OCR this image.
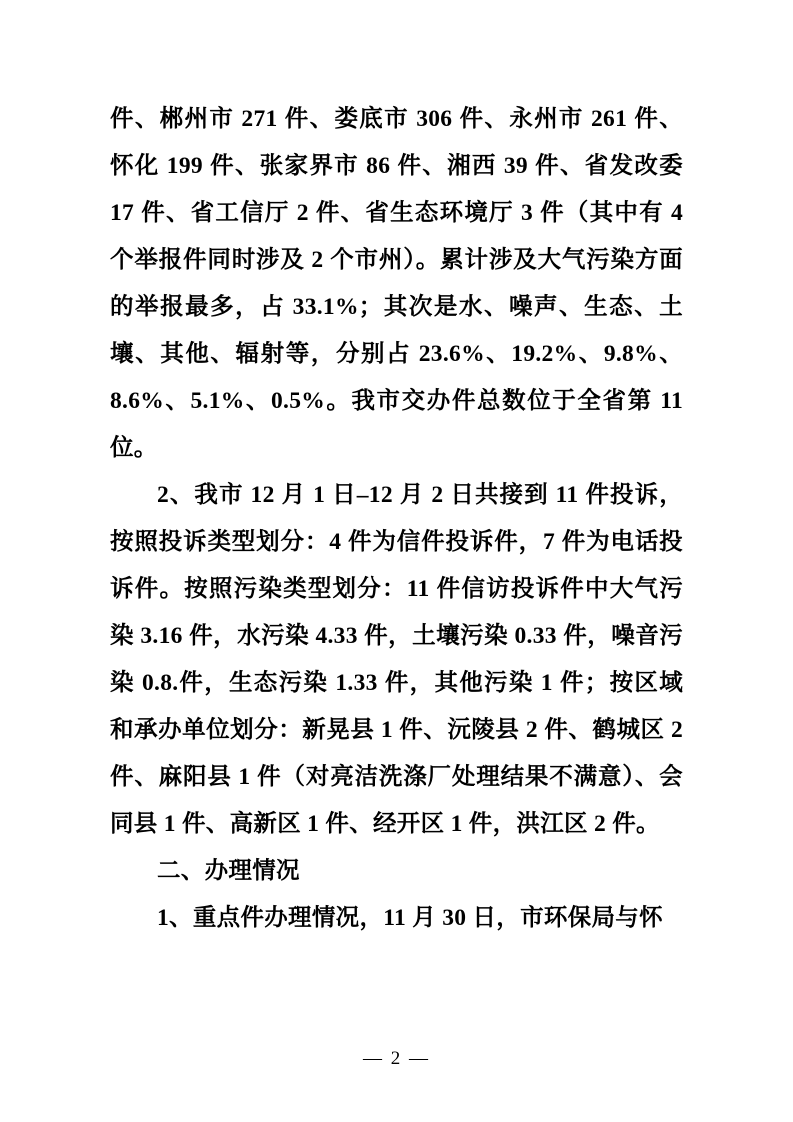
件、郴州市 271 件、娄底市 306 件、永州市 261 件、怀化 199 件、张家界市 86 件、湘西 39 件、省发改委 17 件、省工信厅 2 件、省生态环境厅 3 件（其中有 4 个举报件同时涉及 2 个市州）。累计涉及大气污染方面的举报最多，占 33.1%；其次是水、噪声、生态、土壤、其他、辐射等，分别占 23.6%、19.2%、9.8%、8.6%、5.1%、0.5%。我市交办件总数位于全省第 11 位。

2、我市 12 月 1 日–12 月 2 日共接到 11 件投诉，按照投诉类型划分：4 件为信件投诉件，7 件为电话投诉件。按照污染类型划分：11 件信访投诉件中大气污染 3.16 件，水污染 4.33 件，土壤污染 0.33 件，噪音污染 0.8.件，生态污染 1.33 件，其他污染 1 件；按区域和承办单位划分：新晃县 1 件、沅陵县 2 件、鹤城区 2 件、麻阳县 1 件（对亮洁洗涤厂处理结果不满意）、会同县 1 件、高新区 1 件、经开区 1 件，洪江区 2 件。

二、办理情况

1、重点件办理情况，11 月 30 日，市环保局与怀

— 2 —
